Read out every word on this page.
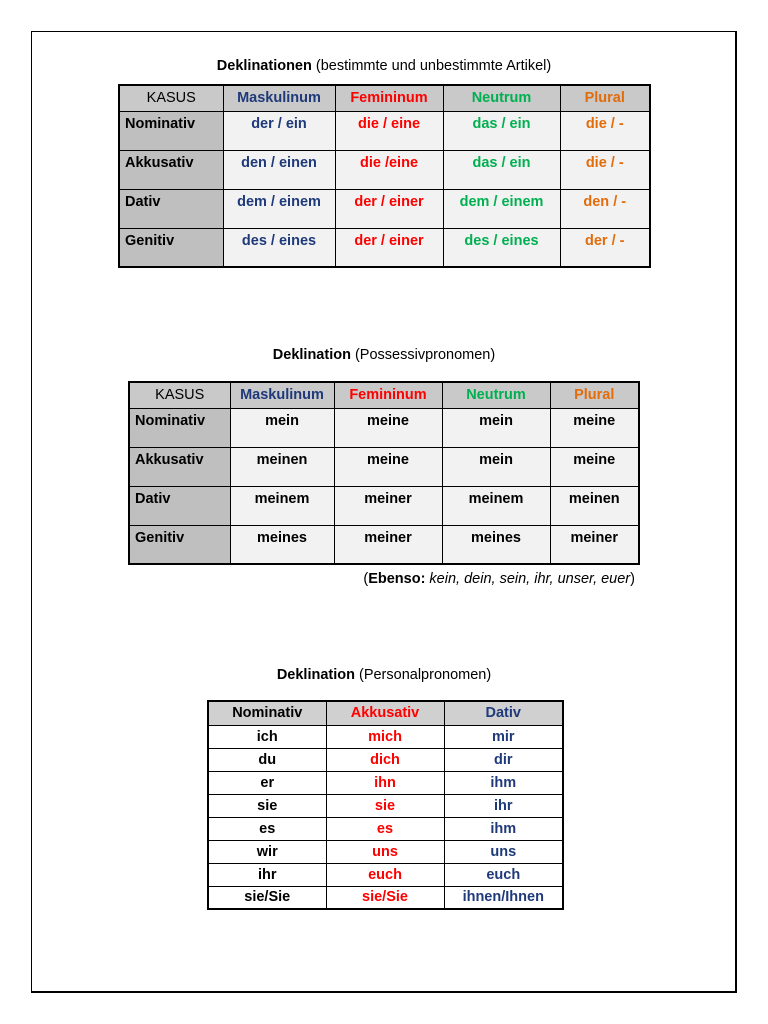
Deklinationen (bestimmte und unbestimmte Artikel)
KASUS	Maskulinum	Femininum	Neutrum	Plural
Nominativ	der / ein	die / eine	das / ein	die / -
Akkusativ	den / einen	die /eine	das / ein	die / -
Dativ	dem / einem	der / einer	dem / einem	den / -
Genitiv	des / eines	der / einer	des / eines	der / -
Deklination (Possessivpronomen)
KASUS	Maskulinum	Femininum	Neutrum	Plural
Nominativ	mein	meine	mein	meine
Akkusativ	meinen	meine	mein	meine
Dativ	meinem	meiner	meinem	meinen
Genitiv	meines	meiner	meines	meiner
(Ebenso: kein, dein, sein, ihr, unser, euer)
Deklination (Personalpronomen)
Nominativ	Akkusativ	Dativ
ich	mich	mir
du	dich	dir
er	ihn	ihm
sie	sie	ihr
es	es	ihm
wir	uns	uns
ihr	euch	euch
sie/Sie	sie/Sie	ihnen/Ihnen
